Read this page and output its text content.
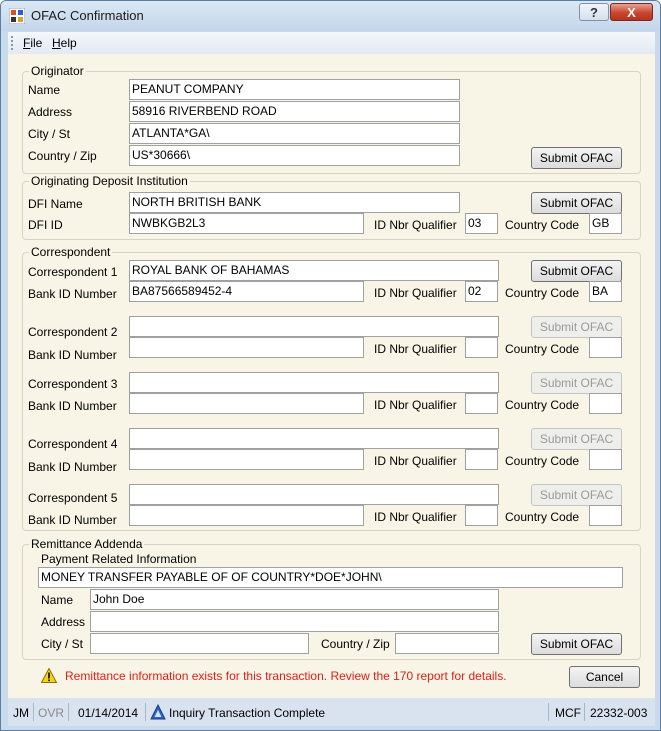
OFAC Confirmation	?	X
File Help
Originator
Name	PEANUT COMPANY
Address	58916 RIVERBEND ROAD
City / St	ATLANTA*GA\
Country / Zip	US*30666\	Submit OFAC
Originating Deposit Institution
DFI Name	NORTH BRITISH BANK	Submit OFAC
DFI ID	NWBKGB2L3	ID Nbr Qualifier 03	Country Code GB
Correspondent
Correspondent 1 ROYAL BANK OF BAHAMAS	Submit OFAC
Bank ID Number BA87566589452-4	ID Nbr Qualifier 02	Country Code BA
Correspondent 2	Submit OFAC
Bank ID Number	ID Nbr Qualifier	Country Code
Correspondent 3	Submit OFAC
Bank ID Number	ID Nbr Qualifier	Country Code
Correspondent 4	Submit OFAC
Bank ID Number	ID Nbr Qualifier	Country Code
Correspondent 5	Submit OFAC
Bank ID Number	ID Nbr Qualifier	Country Code
Remittance Addenda
Payment Related Information
MONEY TRANSFER PAYABLE OF OF COUNTRY*DOE*JOHN\
Name John Doe
Address
City / St	Country / Zip	Submit OFAC
Remittance information exists for this transaction. Review the 170 report for details.	Cancel
JM OVR 01/14/2014	Inquiry Transaction Complete	MCF 22332-003
